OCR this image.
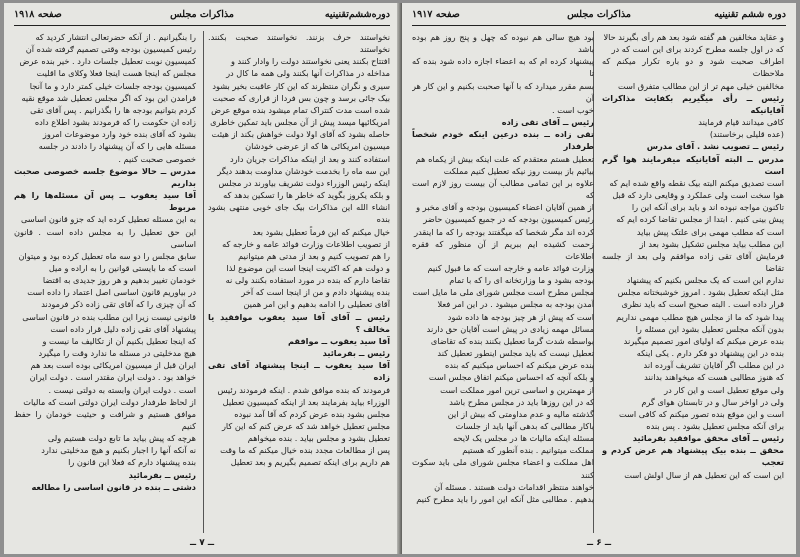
دوره‌ششم‌تقنینیه
مذاکرات مجلس
صفحه ۱۹۱۸

نخواستند حرف بزنند. نخواستند صحبت بکنند. نخواستند

افتتاح بکنند یعنی نخواستند دولت را وادار کنند و

مداخله در مذاکرات آنها بکنند ولی همه ما کال در

سیری و نگران منتظرند که این کار عاقبت بخیر بشود

بیک جائی برسد و چون بس فردا از قراری که صحبت

شده است مدت کنتراک تمام میشود بنده موقع عرض

امریکائیها میسد پیش از آن مجلس باید تمکین خاطری

حاصله بشود که آقای اولا دولت خواهش بکند از هیئت

میسیون امریکائی ها که از عرضی خودشان

استفاده کنند و بعد از اینکه مذاکرات جریان دارد

این سه ماه را بخدمت خودشان مداومت بدهند دیگر

اینکه رئیس الوزراء دولت تشریف بیاورند در مجلس

و بلکه یکروز بگوید که خاطر ها را تسکین بدهد که

انشاء الله این مذاکرات بیک جای خوبی منتهی بشود بنده

خیال میکنم که این فرماً تعطیل بشود بعد

از تصویب اطلاعات وزارت فوائد عامه و خارجه که

را هم تصویب کنیم و بعد از مدتی هم میتوانیم

و دولت هم که اکثریت اینجا است این موضوع لذا

تقاضا دارم که بنده در مورد استفاده بکنند ولی نه

بنده پیشنهاد دادم و من از اینجا است که آخر

آقای تعطیلی را ادامه بدهیم و این امر همین

رئیس ــ آقای آقا سید یعقوب موافقید یا مخالف ؟

آقا سید یعقوب ــ موافقم

رئیس ــ بفرمائید

آقا سید یعقوب ــ اینجا پیشنهاد آقای تقی زاده

فرمودند که بنده موافق شدم . اینکه فرمودند رئیس

الوزراء بیاید بفرمایند بعد از اینکه کمیسیون تعطیل

مجلس بشود بنده عرض کردم که آقا آمد نبوده

مجلس تعطیل خواهد شد که عرض کنم که این کار

تعطیل بشود و مجلس بیاید . بنده میخواهم

پس از مطالعات مجدد بنده خیال میکنم که ما وقت

هم داریم برای اینکه تصمیم بگیریم و بعد تعطیل

را بنگیرانیم . از آنکه حضرتعالی انتشار کردید که

رئیس کمیسیون بودجه وقتی تصمیم ګرفته شده آن

کمیسیون نوبت تعطیل جلسات دارد . خیر بنده عرض

مجلس که اینجا هست اینجا فعلا وکلای ما اقلیت

کمیسیون بودجه جلسات خیلی کمتر دارد و ما آنجا

قرامدن این بود که اگر مجلس تعطیل شد موقع نقیه

کردم بتوانیم بودجه ها را بگذرانیم . پس آقای تقی

زاده ان حکومت را که فرمودند بشود اطلاع داده

بشود که آقای بنده خود وارد موضوعات امروز

مسئله هایی را که آن پیشنهاد را دادند در جلسه

خصوصی صحبت کنیم .

مدرس ــ حالا موضوع جلسه خصوصی صحبت بداریم

آقا سید یعقوب ــ پس آن مسئله‌ها را هم مربوط

به این مسئله تعطیل کرده اید که جزو قانون اساسی

این حق تعطیل را به مجلس داده است . قانون اساسی

سابق مجلس را دو سه ماه تعطیل کرده بود و میتوان

است که ما بایستی قوانین را به اراده و میل

خودمان تغییر بدهیم و هر روز جدیدی به اقتضا

در بیاوریم قانون اساسی اصل اعتماد را داده است

که آن چیزی را که آقای تقی زاده ذکر فرمودند

قانونی نیست زیرا این مطلب بنده در قانون اساسی

پیشنهاد آقای تقی زاده دلیل قرار داده است

که اینجا تعطیل بکنیم آن از تکالیف ما نیست و

هیچ مدخلیتی در مسئله ما ندارد وقت را میگیرد

ایران قبل از میسیون امریکائی بوده است بعد هم

خواهد بود . دولت ایران مقتدر است . دولت ایران

است . دولت ایران وابسته به دولتی نیست .

از لحاظ طرفدار دولت ایران دولتی است که مالیات

موافق هستیم و شرافت و حیثیت خودمان را حفظ کنیم

هرچه که پیش بیاید ما تابع دولت هستیم ولی

نه آنکه آنها را اجبار بکنیم و هیچ مدخلیتی ندارد

بنده پیشنهاد دارم که فعلا این قانون را

رئیس ــ بفرمائید

دشتی ــ بنده در قانون اساسی را مطالعه

ــ ۷ ــ
دوره ششم تقنینیه
مذاکرات مجلس
صفحه ۱۹۱۷

و عقاید مخالفین هم گفته شود بعد هم رأی بگیرند حالا

که در اول جلسه مطرح کردند برای این است که در

اطراف صحبت شود و دو باره تکرار میکنم که ملاحظات

مخالفین خیلی مهم تر از این مطالب متفرق است

رئیس ــ رأی میگیریم بکفایت مذاکرات آقایانیکه

کافی میدانند قیام فرمایند

(عده قلیلی برخاستند)

رئیس ــ تصویب نشد . آقای مدرس

مدرس ــ البته آقایانیکه میفرمایند هوا گرم است

است تصدیق میکنم البته بیک نقطه واقع شده ایم که

هوا سخت است ولی عملکرد و وقایعی دارد که قبل

تاکنون مواجه نبوده اند و باید برای آنکه این را

پیش بینی کنیم . ابتدا از مجلس تقاضا کرده ایم که

است که مطلب مهمی برای علتک پیش بیاید

این مطلب بیاید مجلس تشکیل بشود بعد از

فرمایش آقای تقی زاده موافقم ولی بعد از جلسه تقاضا

ندارم این است که یک مجلس بکنیم که پیشنهاد

مثل اینکه تعطیل بشود . امروز خوشبختانه مجلس

قرار داده است . البته صحیح است که باید نظری

پیدا شود که ما از مجلس هیچ مطلب مهمی نداریم

بدون آنکه مجلس تعطیل بشود این مسئله را

بنده عرض میکنم که اولیای امور تصمیم میگیرند

بنده در این پیشنهاد دو فکر دارم . یکی اینکه

در این مطلب اگر آقایان تشریف آورده اند

که هنوز مطالبی هست که میخواهند بدانند

ولی موقع تعطیل است و این کار در

ولی در اواخر سال و در تابستان هوای گرم

است و این موقع بنده تصور میکنم که کافی است

برای آنکه مجلس تعطیل بشود . پس بنده

رئیس ــ آقای محقق موافقید بفرمائید

محقق ــ بنده بیک پیشنهاد هم عرض کردم و تعجب

این است که این تعطیل هم از سال اولش است

بود هیچ سالی هم نبوده که چهل و پنج روز هم بوده باشد

پیشنهاد کرده ام که به اعضاء اجازه داده شود بنده که تا

بسم مقرر میدارد که با آنها صحبت بکنیم و این کار هر آن

خوب است .

رئیس ــ آقای تقی زاده

تقی زاده ــ بنده درعین اینکه خودم شخصاً طرفدار

تعطیل هستم معتقدم که علت اینکه بیش از یکماه هم

بیائیم باز بیست روز نیکه تعطیل کنیم مملکت

علاوه بر این تمامی مطالب آن بیست روز لازم است که

از همین آقایان اعضاء کمیسیون بودجه و آقای مخبر و

رئیس کمیسیون بودجه که در جمیع کمیسیون حاضر

کرده اند مگر شخصا که میگفتند بودجه را که ما اینقدر

زحمت کشیده ایم ببریم از آن منظور که فقره اطلاعات

وزارت فوائد عامه و خارجه است که ما قبول کنیم

بودجه بشود و ما وزارتخانه ای را که با تمام

مجلس مطرح است مجلس شورای ملی ما مایل است

آمدن بودجه به مجلس میشود . در این امر فعلا

است که پیش از هر چیز بودجه ها داده شود

مسائل مهمه زیادی در پیش است آقایان حق دارند

بواسطه شدت گرما تعطیل بکنند بنده که تقاضای

تعطیل نیست که باید مجلس اینطور تعطیل کند

بنده عرض میکنم که احساس میکنیم که بنده

و بلکه آنچه که احساس میکنم اتفاق مجلس است

از مهمترین و اساسی ترین امور مملکت است

که در این روزها باید در مجلس مطرح باشد

گذشته مالیه و عدم مداومتی که بیش از این

باکار مطالبی که بدهی آنها باید از جلسات

مسئله اینکه مالیات ها در مجلس یک لایحه

مملکت میتوانیم . بنده آنطور که هستیم

اهل مملکت و اعضاء مجلس شورای ملی باید سکوت کنند

خواهند منتظر اقدامات دولت هستند . مسئله آن

بدهیم . مطالبی مثل آنکه این امور را باید مطرح کنیم

ــ ۶ ــ
